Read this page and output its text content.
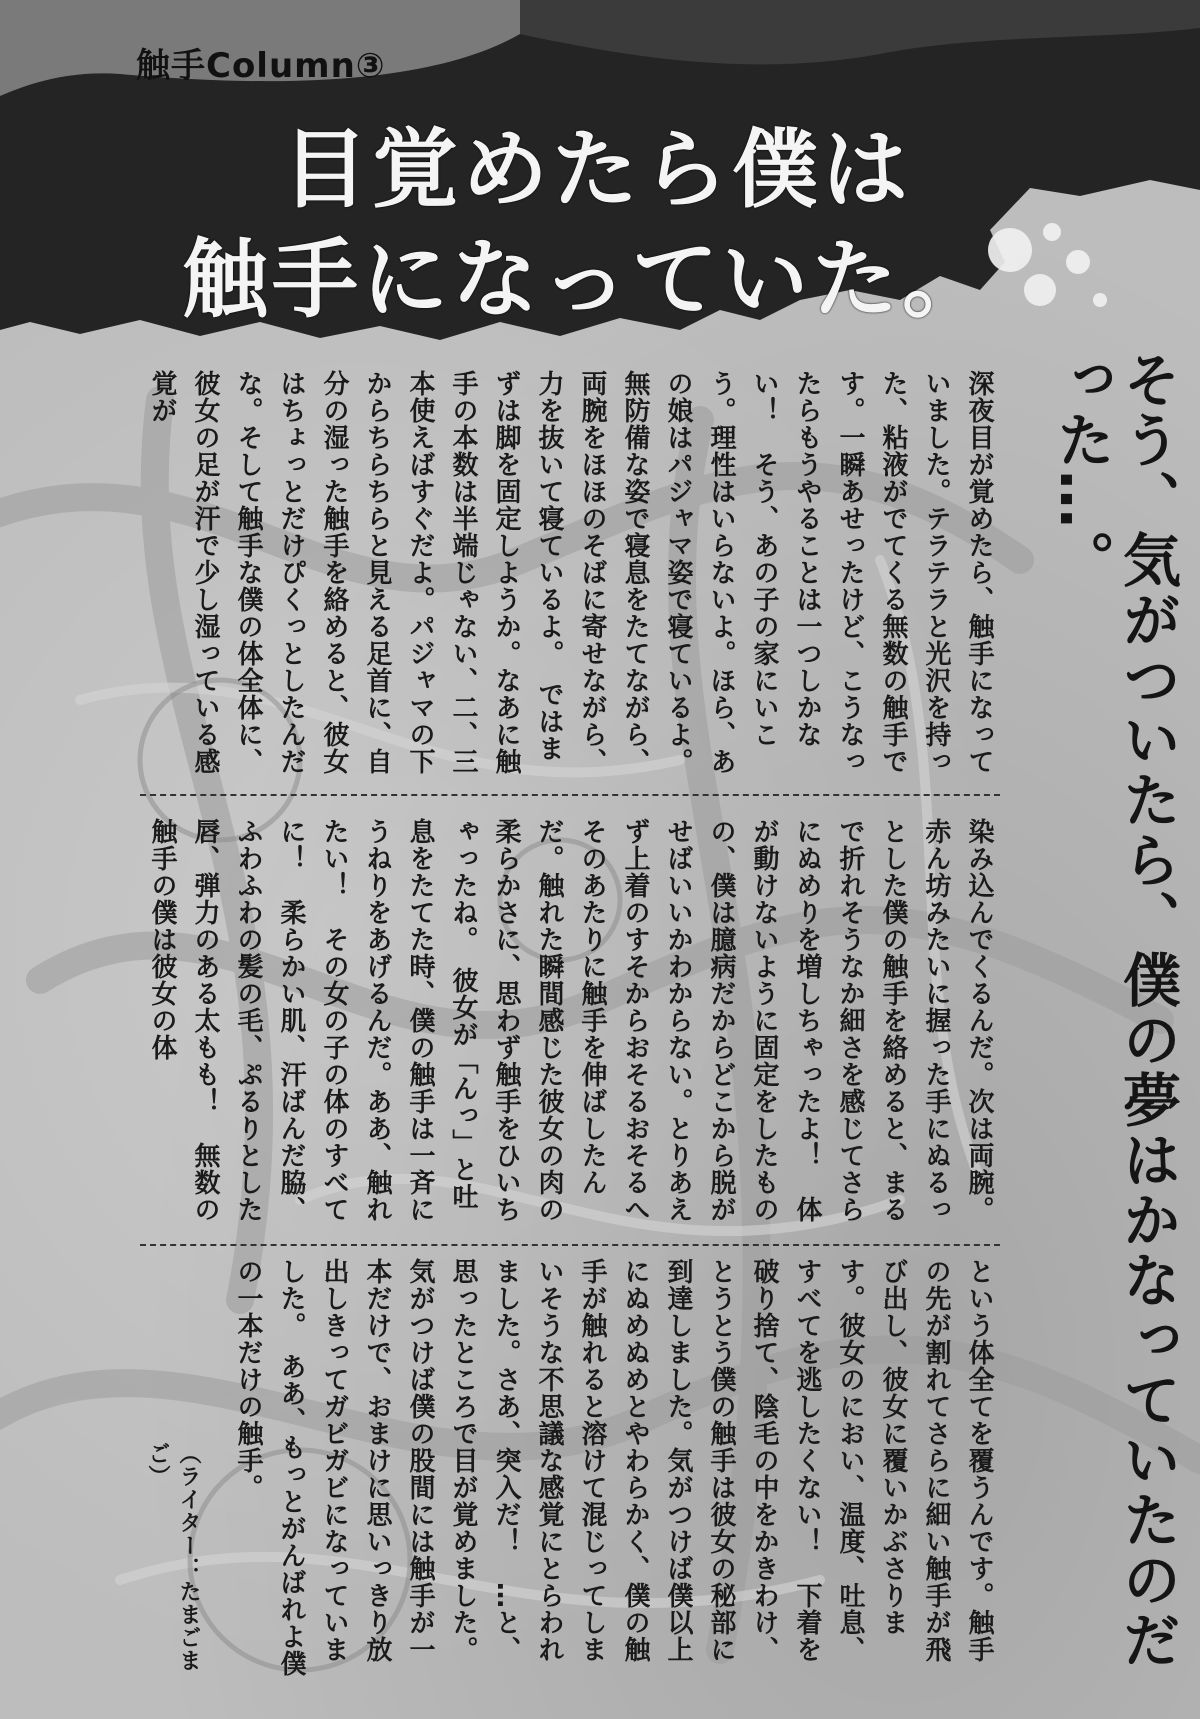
触手Column③
目覚めたら僕は
触手になっていた。

そう、気がついたら、僕の夢はかなっていたのだった…。

深夜目が覚めたら、触手になっていました。テラテラと光沢を持った、粘液がでてくる無数の触手です。一瞬あせったけど、こうなったらもうやることは一つしかない！　そう、あの子の家にいこう。理性はいらないよ。ほら、あの娘はパジャマ姿で寝ているよ。無防備な姿で寝息をたてながら、両腕をほほのそばに寄せながら、力を抜いて寝ているよ。　ではまずは脚を固定しようか。なあに触手の本数は半端じゃない、二、三本使えばすぐだよ。パジャマの下からちらちらと見える足首に、自分の湿った触手を絡めると、彼女はちょっとだけぴくっとしたんだな。そして触手な僕の体全体に、彼女の足が汗で少し湿っている感覚が

染み込んでくるんだ。次は両腕。赤ん坊みたいに握った手にぬるっとした僕の触手を絡めると、まるで折れそうなか細さを感じてさらにぬめりを増しちゃったよ！　体が動けないように固定をしたものの、僕は臆病だからどこから脱がせばいいかわからない。とりあえず上着のすそからおそるおそるへそのあたりに触手を伸ばしたんだ。触れた瞬間感じた彼女の肉の柔らかさに、思わず触手をひいちゃったね。　彼女が「んっ」と吐息をたてた時、僕の触手は一斉にうねりをあげるんだ。ああ、触れたい！　その女の子の体のすべてに！　柔らかい肌、汗ばんだ脇、ふわふわの髪の毛、ぷるりとした唇、弾力のある太もも！　無数の触手の僕は彼女の体

という体全てを覆うんです。触手の先が割れてさらに細い触手が飛び出し、彼女に覆いかぶさります。彼女のにおい、温度、吐息、すべてを逃したくない！　下着を破り捨て、陰毛の中をかきわけ、とうとう僕の触手は彼女の秘部に到達しました。気がつけば僕以上にぬめぬめとやわらかく、僕の触手が触れると溶けて混じってしまいそうな不思議な感覚にとらわれました。さあ、突入だ！　…と、思ったところで目が覚めました。気がつけば僕の股間には触手が一本だけで、おまけに思いっきり放出しきってガビガビになっていました。　ああ、もっとがんばれよ僕の一本だけの触手。

（ライター：たまごまご）
